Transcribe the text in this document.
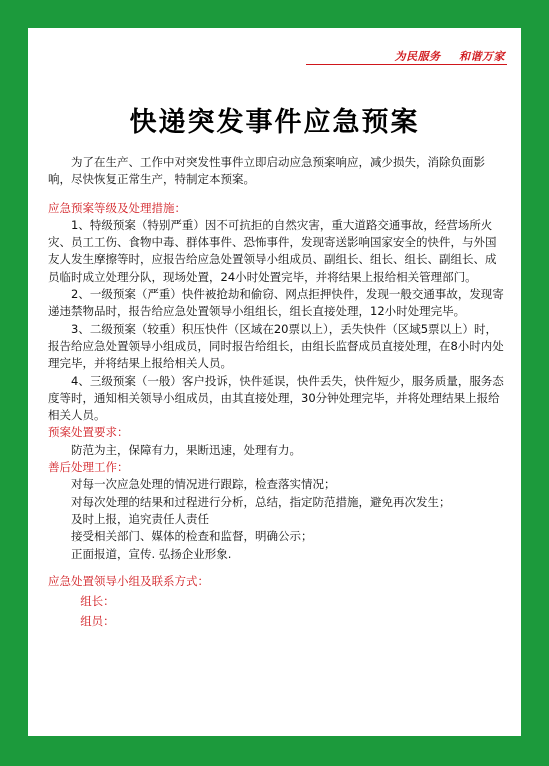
为民服务 和谐万家
快递突发事件应急预案

为了在生产、工作中对突发性事件立即启动应急预案响应，减少损失，消除负面影响，尽快恢复正常生产，特制定本预案。

应急预案等级及处理措施：

1、特级预案（特别严重）因不可抗拒的自然灾害，重大道路交通事故，经营场所火灾、员工工伤、食物中毒、群体事件、恐怖事件，发现寄送影响国家安全的快件，与外国友人发生摩擦等时，应报告给应急处置领导小组成员、副组长、组长、组长、副组长、成员临时成立处理分队，现场处置，24小时处置完毕，并将结果上报给相关管理部门。

2、一级预案（严重）快件被抢劫和偷窃、网点拒押快件，发现一般交通事故，发现寄递违禁物品时，报告给应急处置领导小组组长，组长直接处理，12小时处理完毕。

3、二级预案（较重）积压快件（区域在20票以上），丢失快件（区域5票以上）时，报告给应急处置领导小组成员，同时报告给组长，由组长监督成员直接处理，在8小时内处理完毕，并将结果上报给相关人员。

4、三级预案（一般）客户投诉，快件延误，快件丢失，快件短少，服务质量，服务态度等时，通知相关领导小组成员，由其直接处理，30分钟处理完毕，并将处理结果上报给相关人员。

预案处置要求：

防范为主，保障有力，果断迅速，处理有力。

善后处理工作：

对每一次应急处理的情况进行跟踪，检查落实情况；

对每次处理的结果和过程进行分析，总结，指定防范措施，避免再次发生；

及时上报，追究责任人责任

接受相关部门、媒体的检查和监督，明确公示；

正面报道，宣传. 弘扬企业形象.

应急处置领导小组及联系方式：

组长：

组员：
